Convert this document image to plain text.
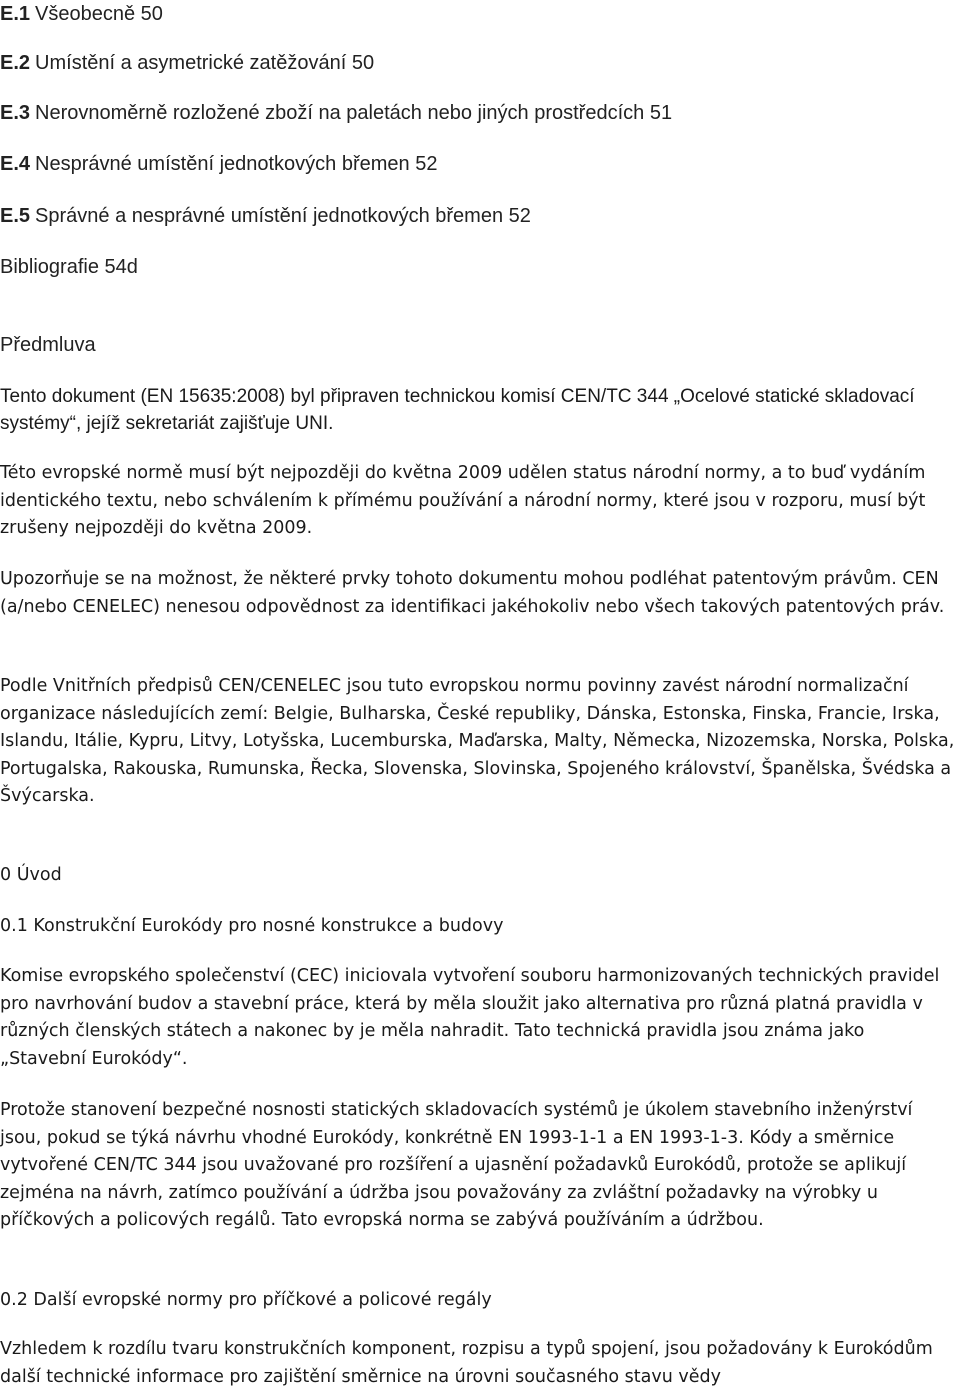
E.1 Všeobecně 50
E.2 Umístění a asymetrické zatěžování 50
E.3 Nerovnoměrně rozložené zboží na paletách nebo jiných prostředcích 51
E.4 Nesprávné umístění jednotkových břemen 52
E.5 Správné a nesprávné umístění jednotkových břemen 52
Bibliografie 54d
Předmluva

Tento dokument (EN 15635:2008) byl připraven technickou komisí CEN/TC 344 „Ocelové statické skladovací systémy“, jejíž sekretariát zajišťuje UNI.

Této evropské normě musí být nejpozději do května 2009 udělen status národní normy, a to buď vydáním identického textu, nebo schválením k přímému používání a národní normy, které jsou v rozporu, musí být zrušeny nejpozději do května 2009.

Upozorňuje se na možnost, že některé prvky tohoto dokumentu mohou podléhat patentovým právům. CEN (a/nebo CENELEC) nenesou odpovědnost za identifikaci jakéhokoliv nebo všech takových patentových práv.

Podle Vnitřních předpisů CEN/CENELEC jsou tuto evropskou normu povinny zavést národní normalizační organizace následujících zemí: Belgie, Bulharska, České republiky, Dánska, Estonska, Finska, Francie, Irska, Islandu, Itálie, Kypru, Litvy, Lotyšska, Lucemburska, Maďarska, Malty, Německa, Nizozemska, Norska, Polska, Portugalska, Rakouska, Rumunska, Řecka, Slovenska, Slovinska, Spojeného království, Španělska, Švédska a Švýcarska.

0 Úvod
0.1 Konstrukční Eurokódy pro nosné konstrukce a budovy

Komise evropského společenství (CEC) iniciovala vytvoření souboru harmonizovaných technických pravidel pro navrhování budov a stavební práce, která by měla sloužit jako alternativa pro různá platná pravidla v různých členských státech a nakonec by je měla nahradit. Tato technická pravidla jsou známa jako „Stavební Eurokódy“.

Protože stanovení bezpečné nosnosti statických skladovacích systémů je úkolem stavebního inženýrství jsou, pokud se týká návrhu vhodné Eurokódy, konkrétně EN 1993-1-1 a EN 1993-1-3. Kódy a směrnice vytvořené CEN/TC 344 jsou uvažované pro rozšíření a ujasnění požadavků Eurokódů, protože se aplikují zejména na návrh, zatímco používání a údržba jsou považovány za zvláštní požadavky na výrobky u příčkových a policových regálů. Tato evropská norma se zabývá používáním a údržbou.

0.2 Další evropské normy pro příčkové a policové regály

Vzhledem k rozdílu tvaru konstrukčních komponent, rozpisu a typů spojení, jsou požadovány k Eurokódům další technické informace pro zajištění směrnice na úrovni současného stavu vědy
